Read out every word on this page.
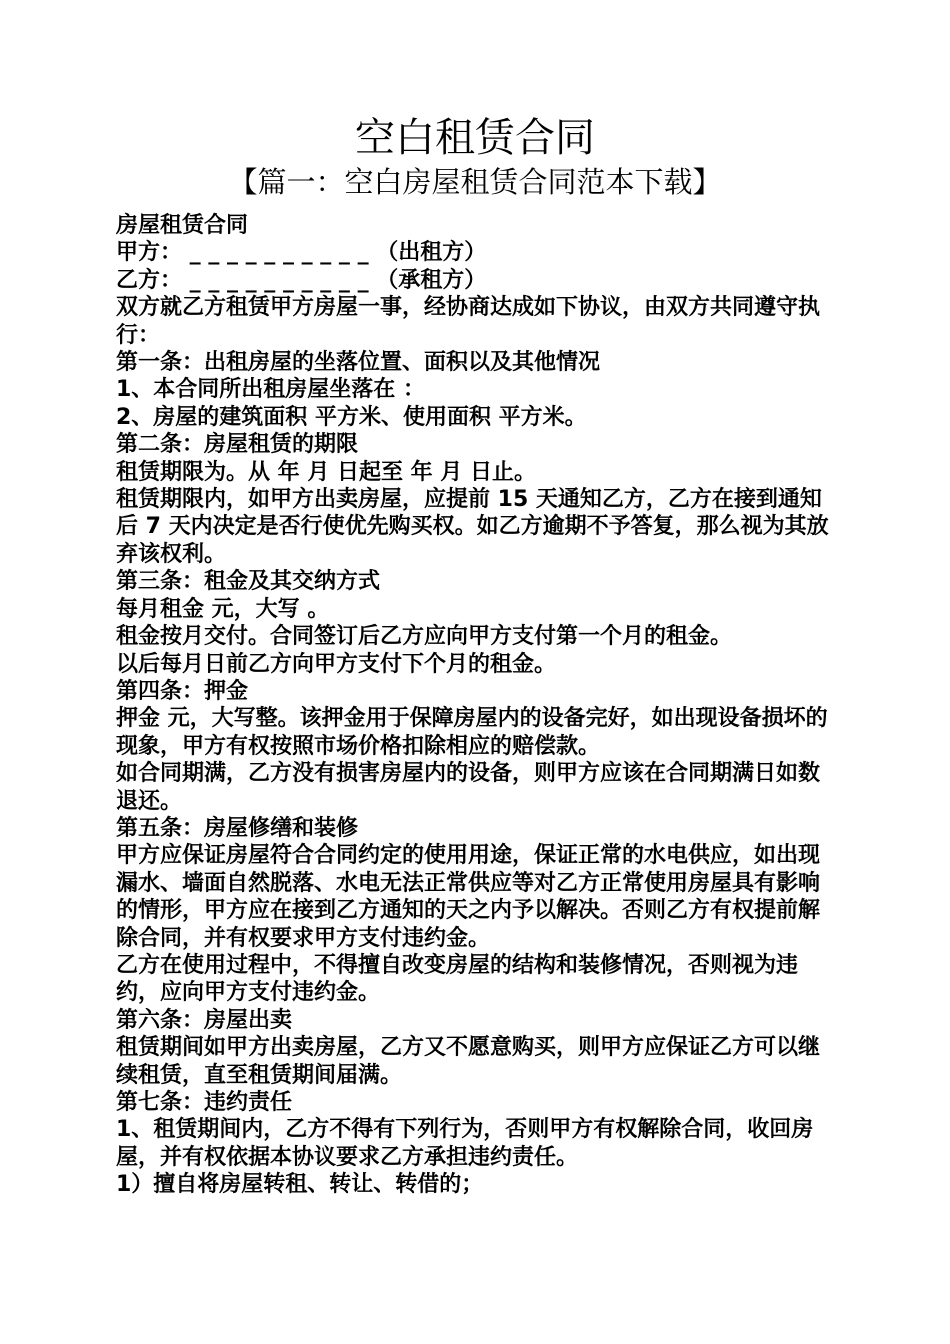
空白租赁合同
【篇一：空白房屋租赁合同范本下载】

房屋租赁合同

甲方： _ _ _ _ _ _ _ _ _ _ （出租方）

乙方： _ _ _ _ _ _ _ _ _ _ （承租方）

双方就乙方租赁甲方房屋一事，经协商达成如下协议，由双方共同遵守执行：

第一条：出租房屋的坐落位置、面积以及其他情况

1、本合同所出租房屋坐落在 ：

2、房屋的建筑面积 平方米、使用面积 平方米。

第二条：房屋租赁的期限

租赁期限为。从 年 月 日起至 年 月 日止。

租赁期限内，如甲方出卖房屋，应提前 15 天通知乙方，乙方在接到通知后 7 天内决定是否行使优先购买权。如乙方逾期不予答复，那么视为其放弃该权利。

第三条：租金及其交纳方式

每月租金 元，大写 。

租金按月交付。合同签订后乙方应向甲方支付第一个月的租金。

以后每月日前乙方向甲方支付下个月的租金。

第四条：押金

押金 元，大写整。该押金用于保障房屋内的设备完好，如出现设备损坏的现象，甲方有权按照市场价格扣除相应的赔偿款。

如合同期满，乙方没有损害房屋内的设备，则甲方应该在合同期满日如数退还。

第五条：房屋修缮和装修

甲方应保证房屋符合合同约定的使用用途，保证正常的水电供应，如出现漏水、墙面自然脱落、水电无法正常供应等对乙方正常使用房屋具有影响的情形，甲方应在接到乙方通知的天之内予以解决。否则乙方有权提前解除合同，并有权要求甲方支付违约金。

乙方在使用过程中，不得擅自改变房屋的结构和装修情况，否则视为违约，应向甲方支付违约金。

第六条：房屋出卖

租赁期间如甲方出卖房屋，乙方又不愿意购买，则甲方应保证乙方可以继续租赁，直至租赁期间届满。

第七条：违约责任

1、租赁期间内，乙方不得有下列行为，否则甲方有权解除合同，收回房屋，并有权依据本协议要求乙方承担违约责任。

1）擅自将房屋转租、转让、转借的；
